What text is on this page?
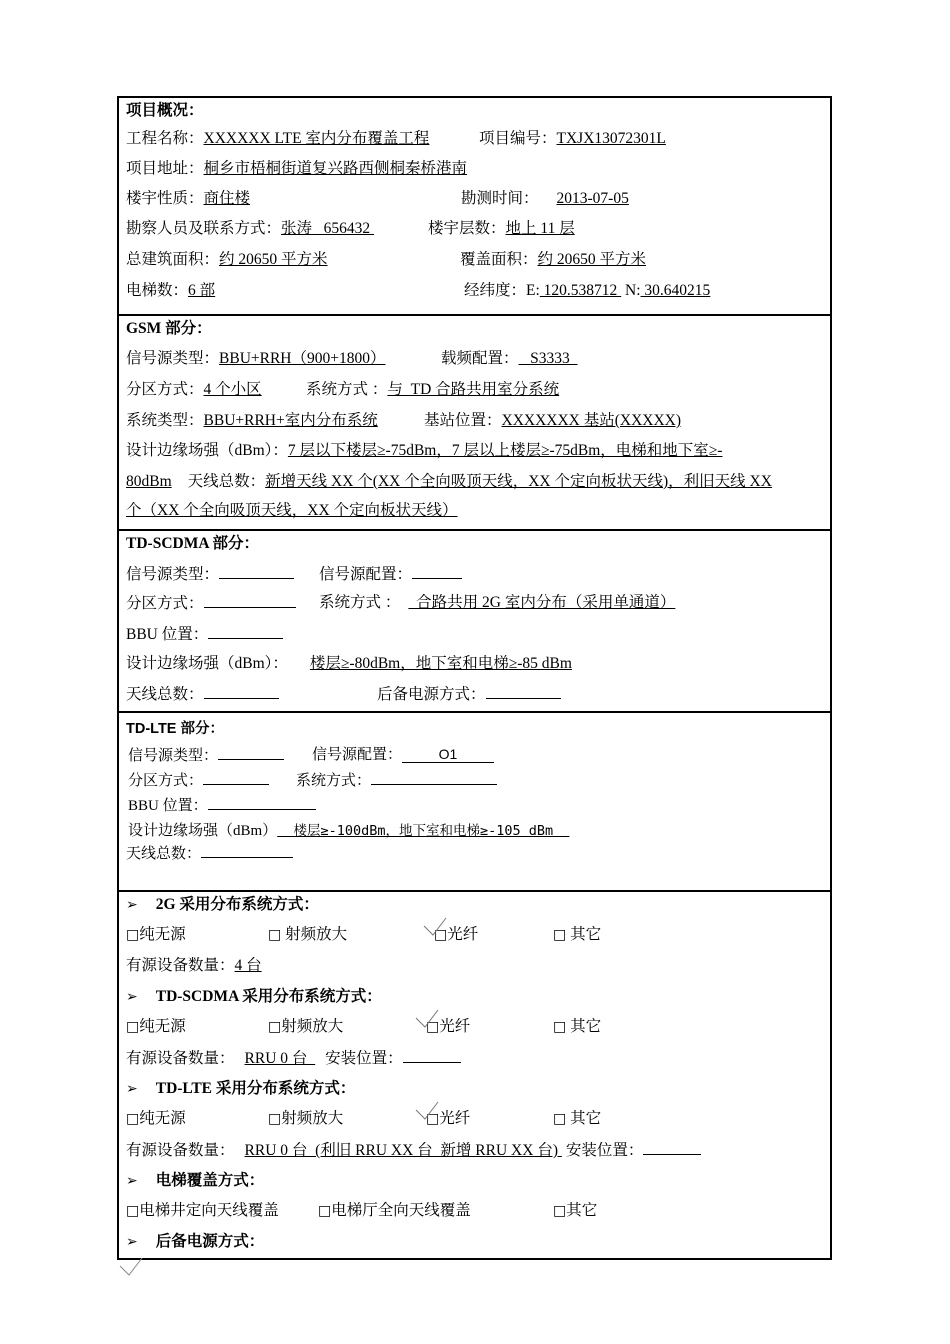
项目概况：
工程名称：XXXXXX LTE 室内分布覆盖工程	项目编号：TXJX13072301L
项目地址：桐乡市梧桐街道复兴路西侧桐秦桥港南
楼宇性质：商住楼	勘测时间： 2013-07-05
勘察人员及联系方式：张涛   656432	楼宇层数：地上 11 层
总建筑面积：约 20650 平方米	覆盖面积：约 20650 平方米
电梯数：6 部	经纬度：E: 120.538712  N: 30.640215
GSM 部分：
信号源类型：BBU+RRH（900+1800）	载频配置：   S3333
分区方式：4 个小区	系统方式 ：与  TD 合路共用室分系统
系统类型：BBU+RRH+室内分布系统	基站位置：XXXXXXX 基站(XXXXX)
设计边缘场强（dBm）：7 层以下楼层≥-75dBm，7 层以上楼层≥-75dBm，电梯和地下室≥-
80dBm 天线总数：新增天线 XX 个(XX 个全向吸顶天线，XX 个定向板状天线)，利旧天线 XX
个（XX 个全向吸顶天线，XX 个定向板状天线）
TD-SCDMA 部分：
信号源类型：	信号源配置：
分区方式：	系统方式 ：  合路共用 2G 室内分布（采用单通道）
BBU 位置：
设计边缘场强（dBm）： 楼层≥-80dBm，地下室和电梯≥-85 dBm
天线总数：	后备电源方式：
TD-LTE 部分：
信号源类型：	信号源配置：	O1
分区方式：	系统方式：
BBU 位置：
设计边缘场强（dBm）  楼层≥-100dBm，地下室和电梯≥-105 dBm
天线总数：
➢ 2G 采用分布系统方式：
□纯无源	□ 射频放大	□光纤	□ 其它
有源设备数量：4 台
➢ TD-SCDMA 采用分布系统方式：
□纯无源	□射频放大	□光纤	□ 其它
有源设备数量： RRU 0 台  安装位置：
➢ TD-LTE 采用分布系统方式：
□纯无源	□射频放大	□光纤	□ 其它
有源设备数量： RRU 0 台  (利旧 RRU XX 台  新增 RRU XX 台) 安装位置：
➢ 电梯覆盖方式：
□电梯井定向天线覆盖	□电梯厅全向天线覆盖	□其它
➢ 后备电源方式：
